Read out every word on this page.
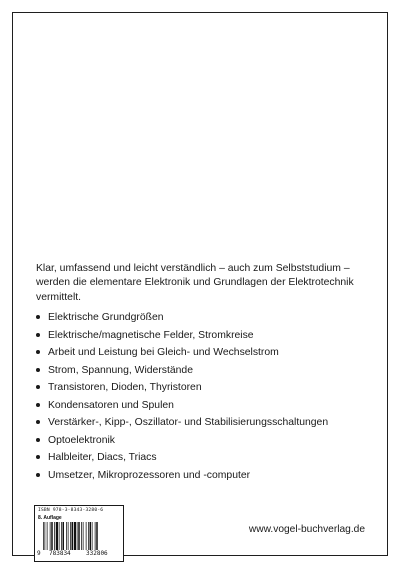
Klar, umfassend und leicht verständlich – auch zum Selbststudium – werden die elementare Elektronik und Grundlagen der Elektrotechnik vermittelt.
Elektrische Grundgrößen
Elektrische/magnetische Felder, Stromkreise
Arbeit und Leistung bei Gleich- und Wechselstrom
Strom, Spannung, Widerstände
Transistoren, Dioden, Thyristoren
Kondensatoren und Spulen
Verstärker-, Kipp-, Oszillator- und Stabilisierungsschaltungen
Optoelektronik
Halbleiter, Diacs, Triacs
Umsetzer, Mikroprozessoren und -computer
ISBN 978-3-8343-3280-6
8. Auflage
9 783834	332806
www.vogel-buchverlag.de
